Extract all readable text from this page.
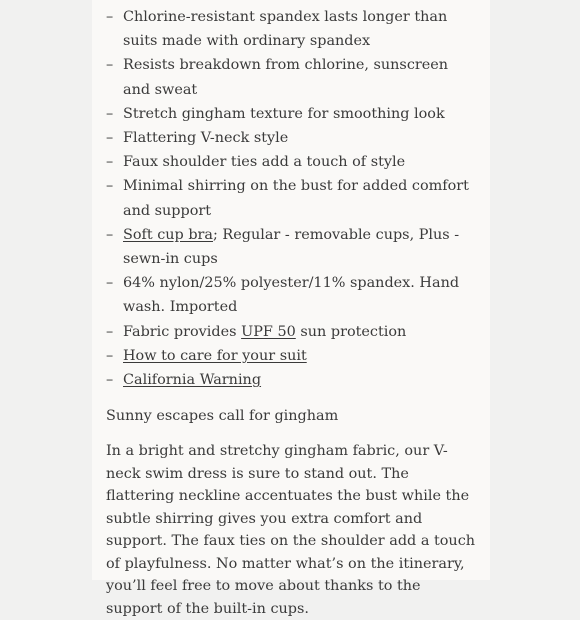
– Chlorine-resistant spandex lasts longer than suits made with ordinary spandex
– Resists breakdown from chlorine, sunscreen and sweat
– Stretch gingham texture for smoothing look
– Flattering V-neck style
– Faux shoulder ties add a touch of style
– Minimal shirring on the bust for added comfort and support
– Soft cup bra; Regular - removable cups, Plus - sewn-in cups
– 64% nylon/25% polyester/11% spandex. Hand wash. Imported
– Fabric provides UPF 50 sun protection
– How to care for your suit
– California Warning
Sunny escapes call for gingham
In a bright and stretchy gingham fabric, our V-neck swim dress is sure to stand out. The flattering neckline accentuates the bust while the subtle shirring gives you extra comfort and support. The faux ties on the shoulder add a touch of playfulness. No matter what’s on the itinerary, you’ll feel free to move about thanks to the support of the built-in cups.
